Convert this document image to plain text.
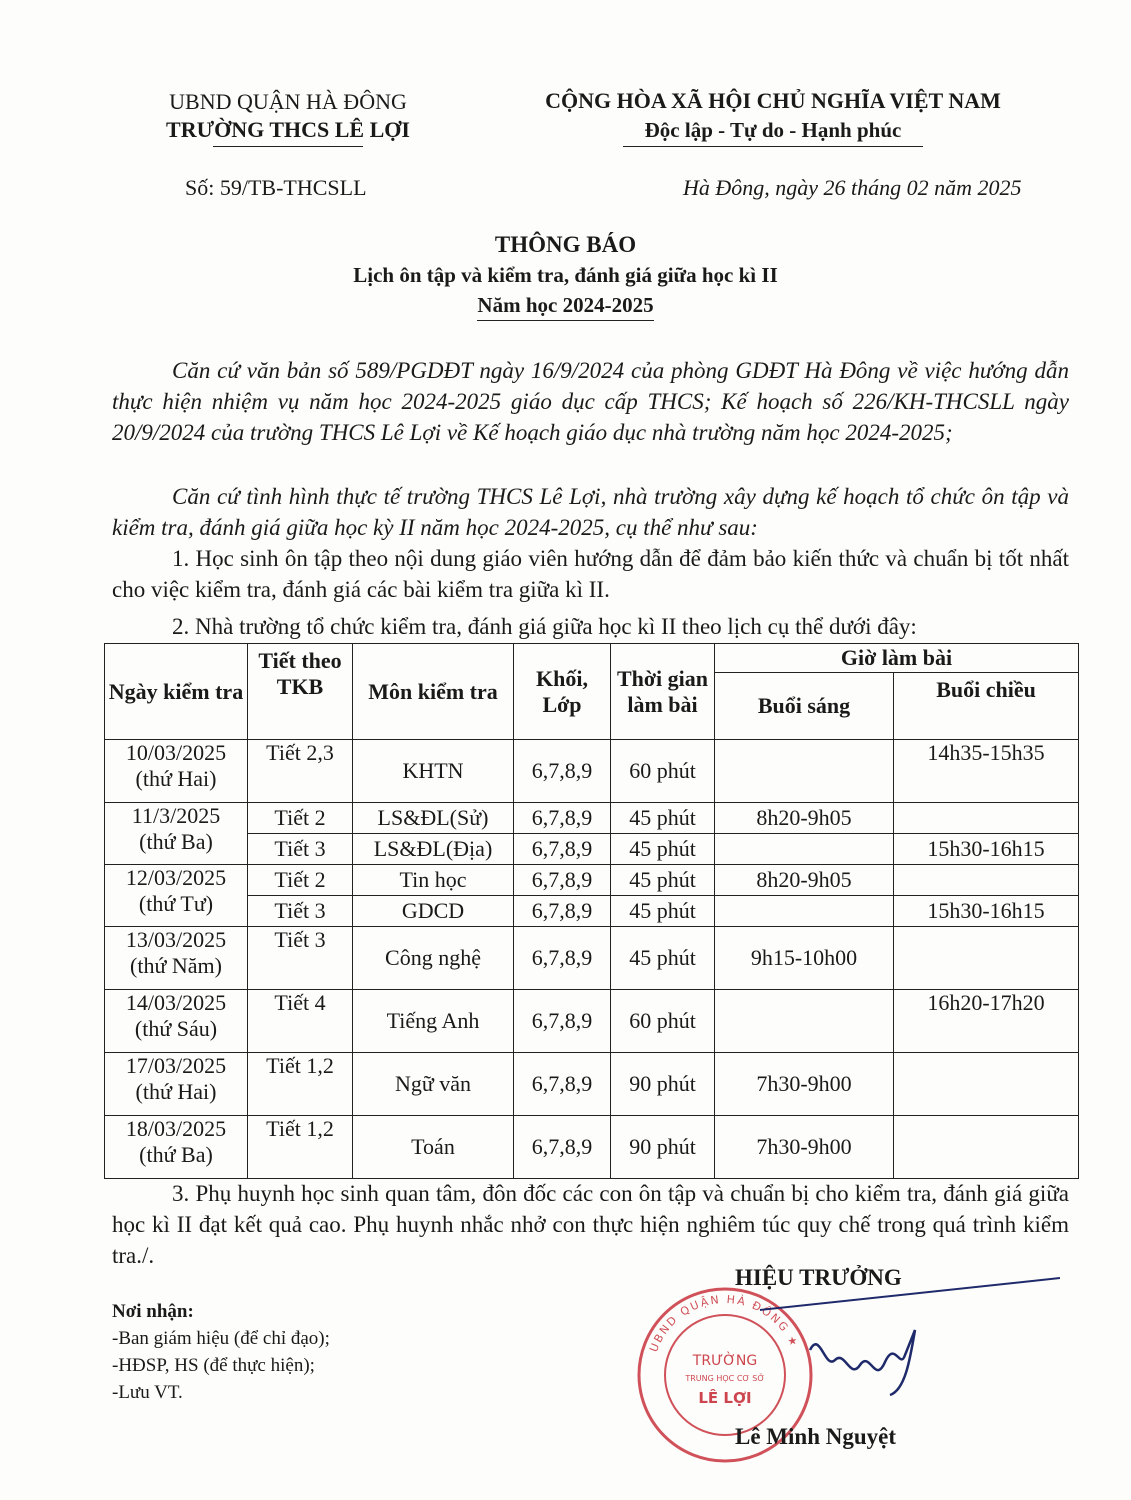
UBND QUẬN HÀ ĐÔNG
TRƯỜNG THCS LÊ LỢI
CỘNG HÒA XÃ HỘI CHỦ NGHĨA VIỆT NAM
Độc lập - Tự do - Hạnh phúc
Số: 59/TB-THCSLL	Hà Đông, ngày 26 tháng 02 năm 2025
THÔNG BÁO
Lịch ôn tập và kiểm tra, đánh giá giữa học kì II
Năm học 2024-2025
Căn cứ văn bản số 589/PGDĐT ngày 16/9/2024 của phòng GDĐT Hà Đông về việc hướng dẫn thực hiện nhiệm vụ năm học 2024-2025 giáo dục cấp THCS; Kế hoạch số 226/KH-THCSLL ngày 20/9/2024 của trường THCS Lê Lợi về Kế hoạch giáo dục nhà trường năm học 2024-2025;
Căn cứ tình hình thực tế trường THCS Lê Lợi, nhà trường xây dựng kế hoạch tổ chức ôn tập và kiểm tra, đánh giá giữa học kỳ II năm học 2024-2025, cụ thể như sau:
1. Học sinh ôn tập theo nội dung giáo viên hướng dẫn để đảm bảo kiến thức và chuẩn bị tốt nhất cho việc kiểm tra, đánh giá các bài kiểm tra giữa kì II.
2. Nhà trường tổ chức kiểm tra, đánh giá giữa học kì II theo lịch cụ thể dưới đây:
Ngày kiểm tra	Tiết theo TKB	Môn kiểm tra	Khối, Lớp	Thời gian làm bài	Giờ làm bài	
					Buổi sáng	Buổi chiều

10/03/2025
(thứ Hai)	Tiết 2,3	KHTN	6,7,8,9	60 phút		14h35-15h35

11/3/2025
(thứ Ba)	Tiết 2	LS&ĐL(Sử)	6,7,8,9	45 phút	8h20-9h05	
	Tiết 3	LS&ĐL(Địa)	6,7,8,9	45 phút		15h30-16h15

12/03/2025
(thứ Tư)	Tiết 2	Tin học	6,7,8,9	45 phút	8h20-9h05	
	Tiết 3	GDCD	6,7,8,9	45 phút		15h30-16h15

13/03/2025
(thứ Năm)	Tiết 3	Công nghệ	6,7,8,9	45 phút	9h15-10h00	

14/03/2025
(thứ Sáu)	Tiết 4	Tiếng Anh	6,7,8,9	60 phút		16h20-17h20

17/03/2025
(thứ Hai)	Tiết 1,2	Ngữ văn	6,7,8,9	90 phút	7h30-9h00	

18/03/2025
(thứ Ba)	Tiết 1,2	Toán	6,7,8,9	90 phút	7h30-9h00	
3. Phụ huynh học sinh quan tâm, đôn đốc các con ôn tập và chuẩn bị cho kiểm tra, đánh giá giữa học kì II đạt kết quả cao. Phụ huynh nhắc nhở con thực hiện nghiêm túc quy chế trong quá trình kiểm tra./.
Nơi nhận:
-Ban giám hiệu (để chỉ đạo);
-HĐSP, HS (để thực hiện);
-Lưu VT.
UBND QUẬN HÀ ĐÔNG ★
TRƯỜNG
TRUNG HỌC CƠ SỞ
LÊ LỢI
HIỆU TRƯỞNG
Lê Minh Nguyệt
